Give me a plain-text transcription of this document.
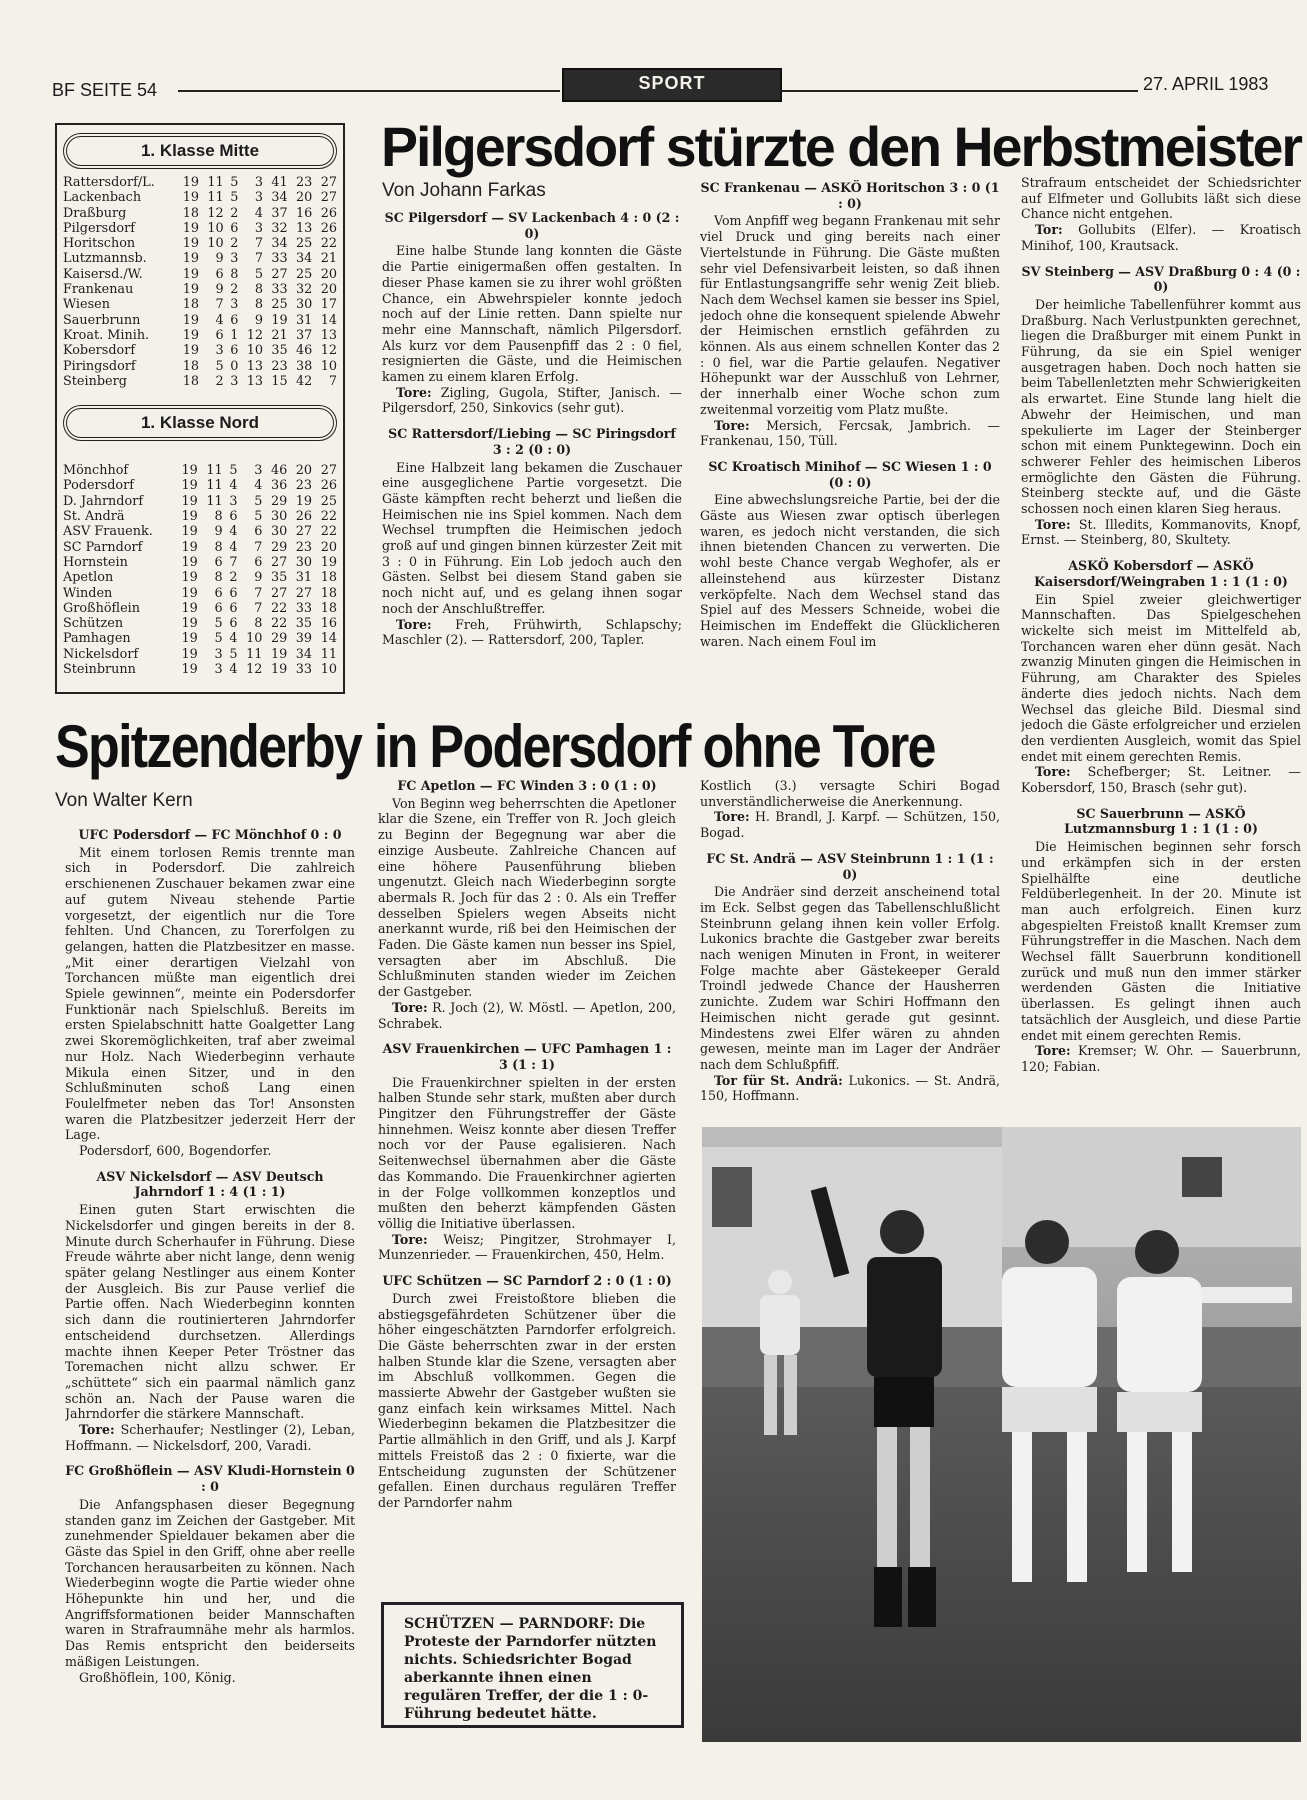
BF SEITE 54	SPORT	27. APRIL 1983
1. Klasse Mitte
Rattersdorf/L.	19	11	5	3	41	23	27
Lackenbach	19	11	5	3	34	20	27
Draßburg	18	12	2	4	37	16	26
Pilgersdorf	19	10	6	3	32	13	26
Horitschon	19	10	2	7	34	25	22
Lutzmannsb.	19	9	3	7	33	34	21
Kaisersd./W.	19	6	8	5	27	25	20
Frankenau	19	9	2	8	33	32	20
Wiesen	18	7	3	8	25	30	17
Sauerbrunn	19	4	6	9	19	31	14
Kroat. Minih.	19	6	1	12	21	37	13
Kobersdorf	19	3	6	10	35	46	12
Piringsdorf	18	5	0	13	23	38	10
Steinberg	18	2	3	13	15	42	7
1. Klasse Nord
Mönchhof	19	11	5	3	46	20	27
Podersdorf	19	11	4	4	36	23	26
D. Jahrndorf	19	11	3	5	29	19	25
St. Andrä	19	8	6	5	30	26	22
ASV Frauenk.	19	9	4	6	30	27	22
SC Parndorf	19	8	4	7	29	23	20
Hornstein	19	6	7	6	27	30	19
Apetlon	19	8	2	9	35	31	18
Winden	19	6	6	7	27	27	18
Großhöflein	19	6	6	7	22	33	18
Schützen	19	5	6	8	22	35	16
Pamhagen	19	5	4	10	29	39	14
Nickelsdorf	19	3	5	11	19	34	11
Steinbrunn	19	3	4	12	19	33	10
Pilgersdorf stürzte den Herbstmeister
Von Johann Farkas

SC Pilgersdorf — SV Lackenbach 4 : 0 (2 : 0)

Eine halbe Stunde lang konnten die Gäste die Partie einigermaßen offen gestalten. In dieser Phase kamen sie zu ihrer wohl größten Chance, ein Abwehrspieler konnte jedoch noch auf der Linie retten. Dann spielte nur mehr eine Mannschaft, nämlich Pilgersdorf. Als kurz vor dem Pausenpfiff das 2 : 0 fiel, resignierten die Gäste, und die Heimischen kamen zu einem klaren Erfolg.

Tore: Zigling, Gugola, Stifter, Janisch. — Pilgersdorf, 250, Sinkovics (sehr gut).

SC Rattersdorf/Liebing — SC Piringsdorf 3 : 2 (0 : 0)

Eine Halbzeit lang bekamen die Zuschauer eine ausgeglichene Partie vorgesetzt. Die Gäste kämpften recht beherzt und ließen die Heimischen nie ins Spiel kommen. Nach dem Wechsel trumpften die Heimischen jedoch groß auf und gingen binnen kürzester Zeit mit 3 : 0 in Führung. Ein Lob jedoch auch den Gästen. Selbst bei diesem Stand gaben sie noch nicht auf, und es gelang ihnen sogar noch der Anschlußtreffer.

Tore: Freh, Frühwirth, Schlapschy; Maschler (2). — Rattersdorf, 200, Tapler.

SC Frankenau — ASKÖ Horitschon 3 : 0 (1 : 0)

Vom Anpfiff weg begann Frankenau mit sehr viel Druck und ging bereits nach einer Viertelstunde in Führung. Die Gäste mußten sehr viel Defensivarbeit leisten, so daß ihnen für Entlastungsangriffe sehr wenig Zeit blieb. Nach dem Wechsel kamen sie besser ins Spiel, jedoch ohne die konsequent spielende Abwehr der Heimischen ernstlich gefährden zu können. Als aus einem schnellen Konter das 2 : 0 fiel, war die Partie gelaufen. Negativer Höhepunkt war der Ausschluß von Lehrner, der innerhalb einer Woche schon zum zweitenmal vorzeitig vom Platz mußte.

Tore: Mersich, Fercsak, Jambrich. — Frankenau, 150, Tüll.

SC Kroatisch Minihof — SC Wiesen 1 : 0 (0 : 0)

Eine abwechslungsreiche Partie, bei der die Gäste aus Wiesen zwar optisch überlegen waren, es jedoch nicht verstanden, die sich ihnen bietenden Chancen zu verwerten. Die wohl beste Chance vergab Weghofer, als er alleinstehend aus kürzester Distanz verköpfelte. Nach dem Wechsel stand das Spiel auf des Messers Schneide, wobei die Heimischen im Endeffekt die Glücklicheren waren. Nach einem Foul im

Strafraum entscheidet der Schiedsrichter auf Elfmeter und Gollubits läßt sich diese Chance nicht entgehen.

Tor: Gollubits (Elfer). — Kroatisch Minihof, 100, Krautsack.

SV Steinberg — ASV Draßburg 0 : 4 (0 : 0)

Der heimliche Tabellenführer kommt aus Draßburg. Nach Verlustpunkten gerechnet, liegen die Draßburger mit einem Punkt in Führung, da sie ein Spiel weniger ausgetragen haben. Doch noch hatten sie beim Tabellenletzten mehr Schwierigkeiten als erwartet. Eine Stunde lang hielt die Abwehr der Heimischen, und man spekulierte im Lager der Steinberger schon mit einem Punktegewinn. Doch ein schwerer Fehler des heimischen Liberos ermöglichte den Gästen die Führung. Steinberg steckte auf, und die Gäste schossen noch einen klaren Sieg heraus.

Tore: St. Illedits, Kommanovits, Knopf, Ernst. — Steinberg, 80, Skultety.

ASKÖ Kobersdorf — ASKÖ Kaisersdorf/Weingraben 1 : 1 (1 : 0)

Ein Spiel zweier gleichwertiger Mannschaften. Das Spielgeschehen wickelte sich meist im Mittelfeld ab, Torchancen waren eher dünn gesät. Nach zwanzig Minuten gingen die Heimischen in Führung, am Charakter des Spieles änderte dies jedoch nichts. Nach dem Wechsel das gleiche Bild. Diesmal sind jedoch die Gäste erfolgreicher und erzielen den verdienten Ausgleich, womit das Spiel endet mit einem gerechten Remis.

Tore: Schefberger; St. Leitner. — Kobersdorf, 150, Brasch (sehr gut).

SC Sauerbrunn — ASKÖ Lutzmannsburg 1 : 1 (1 : 0)

Die Heimischen beginnen sehr forsch und erkämpfen sich in der ersten Spielhälfte eine deutliche Feldüberlegenheit. In der 20. Minute ist man auch erfolgreich. Einen kurz abgespielten Freistoß knallt Kremser zum Führungstreffer in die Maschen. Nach dem Wechsel fällt Sauerbrunn konditionell zurück und muß nun den immer stärker werdenden Gästen die Initiative überlassen. Es gelingt ihnen auch tatsächlich der Ausgleich, und diese Partie endet mit einem gerechten Remis.

Tore: Kremser; W. Ohr. — Sauerbrunn, 120; Fabian.

Spitzenderby in Podersdorf ohne Tore
Von Walter Kern

UFC Podersdorf — FC Mönchhof 0 : 0

Mit einem torlosen Remis trennte man sich in Podersdorf. Die zahlreich erschienenen Zuschauer bekamen zwar eine auf gutem Niveau stehende Partie vorgesetzt, der eigentlich nur die Tore fehlten. Und Chancen, zu Torerfolgen zu gelangen, hatten die Platzbesitzer en masse. „Mit einer derartigen Vielzahl von Torchancen müßte man eigentlich drei Spiele gewinnen“, meinte ein Podersdorfer Funktionär nach Spielschluß. Bereits im ersten Spielabschnitt hatte Goalgetter Lang zwei Skoremöglichkeiten, traf aber zweimal nur Holz. Nach Wiederbeginn verhaute Mikula einen Sitzer, und in den Schlußminuten schoß Lang einen Foulelfmeter neben das Tor! Ansonsten waren die Platzbesitzer jederzeit Herr der Lage.

Podersdorf, 600, Bogendorfer.

ASV Nickelsdorf — ASV Deutsch Jahrndorf 1 : 4 (1 : 1)

Einen guten Start erwischten die Nickelsdorfer und gingen bereits in der 8. Minute durch Scherhaufer in Führung. Diese Freude währte aber nicht lange, denn wenig später gelang Nestlinger aus einem Konter der Ausgleich. Bis zur Pause verlief die Partie offen. Nach Wiederbeginn konnten sich dann die routinierteren Jahrndorfer entscheidend durchsetzen. Allerdings machte ihnen Keeper Peter Tröstner das Toremachen nicht allzu schwer. Er „schüttete“ sich ein paarmal nämlich ganz schön an. Nach der Pause waren die Jahrndorfer die stärkere Mannschaft.

Tore: Scherhaufer; Nestlinger (2), Leban, Hoffmann. — Nickelsdorf, 200, Varadi.

FC Großhöflein — ASV Kludi-Hornstein 0 : 0

Die Anfangsphasen dieser Begegnung standen ganz im Zeichen der Gastgeber. Mit zunehmender Spieldauer bekamen aber die Gäste das Spiel in den Griff, ohne aber reelle Torchancen herausarbeiten zu können. Nach Wiederbeginn wogte die Partie wieder ohne Höhepunkte hin und her, und die Angriffsformationen beider Mannschaften waren in Strafraumnähe mehr als harmlos. Das Remis entspricht den beiderseits mäßigen Leistungen.

Großhöflein, 100, König.

FC Apetlon — FC Winden 3 : 0 (1 : 0)

Von Beginn weg beherrschten die Apetloner klar die Szene, ein Treffer von R. Joch gleich zu Beginn der Begegnung war aber die einzige Ausbeute. Zahlreiche Chancen auf eine höhere Pausenführung blieben ungenutzt. Gleich nach Wiederbeginn sorgte abermals R. Joch für das 2 : 0. Als ein Treffer desselben Spielers wegen Abseits nicht anerkannt wurde, riß bei den Heimischen der Faden. Die Gäste kamen nun besser ins Spiel, versagten aber im Abschluß. Die Schlußminuten standen wieder im Zeichen der Gastgeber.

Tore: R. Joch (2), W. Möstl. — Apetlon, 200, Schrabek.

ASV Frauenkirchen — UFC Pamhagen 1 : 3 (1 : 1)

Die Frauenkirchner spielten in der ersten halben Stunde sehr stark, mußten aber durch Pingitzer den Führungstreffer der Gäste hinnehmen. Weisz konnte aber diesen Treffer noch vor der Pause egalisieren. Nach Seitenwechsel übernahmen aber die Gäste das Kommando. Die Frauenkirchner agierten in der Folge vollkommen konzeptlos und mußten den beherzt kämpfenden Gästen völlig die Initiative überlassen.

Tore: Weisz; Pingitzer, Strohmayer I, Munzenrieder. — Frauenkirchen, 450, Helm.

UFC Schützen — SC Parndorf 2 : 0 (1 : 0)

Durch zwei Freistoßtore blieben die abstiegsgefährdeten Schützener über die höher eingeschätzten Parndorfer erfolgreich. Die Gäste beherrschten zwar in der ersten halben Stunde klar die Szene, versagten aber im Abschluß vollkommen. Gegen die massierte Abwehr der Gastgeber wußten sie ganz einfach kein wirksames Mittel. Nach Wiederbeginn bekamen die Platzbesitzer die Partie allmählich in den Griff, und als J. Karpf mittels Freistoß das 2 : 0 fixierte, war die Entscheidung zugunsten der Schützener gefallen. Einen durchaus regulären Treffer der Parndorfer nahm

Kostlich (3.) versagte Schiri Bogad unverständlicherweise die Anerkennung.

Tore: H. Brandl, J. Karpf. — Schützen, 150, Bogad.

FC St. Andrä — ASV Steinbrunn 1 : 1 (1 : 0)

Die Andräer sind derzeit anscheinend total im Eck. Selbst gegen das Tabellenschlußlicht Steinbrunn gelang ihnen kein voller Erfolg. Lukonics brachte die Gastgeber zwar bereits nach wenigen Minuten in Front, in weiterer Folge machte aber Gästekeeper Gerald Troindl jedwede Chance der Hausherren zunichte. Zudem war Schiri Hoffmann den Heimischen nicht gerade gut gesinnt. Mindestens zwei Elfer wären zu ahnden gewesen, meinte man im Lager der Andräer nach dem Schlußpfiff.

Tor für St. Andrä: Lukonics. — St. Andrä, 150, Hoffmann.

SCHÜTZEN — PARNDORF: Die Proteste der Parndorfer nützten nichts. Schiedsrichter Bogad aberkannte ihnen einen regulären Treffer, der die 1 : 0-Führung bedeutet hätte.
